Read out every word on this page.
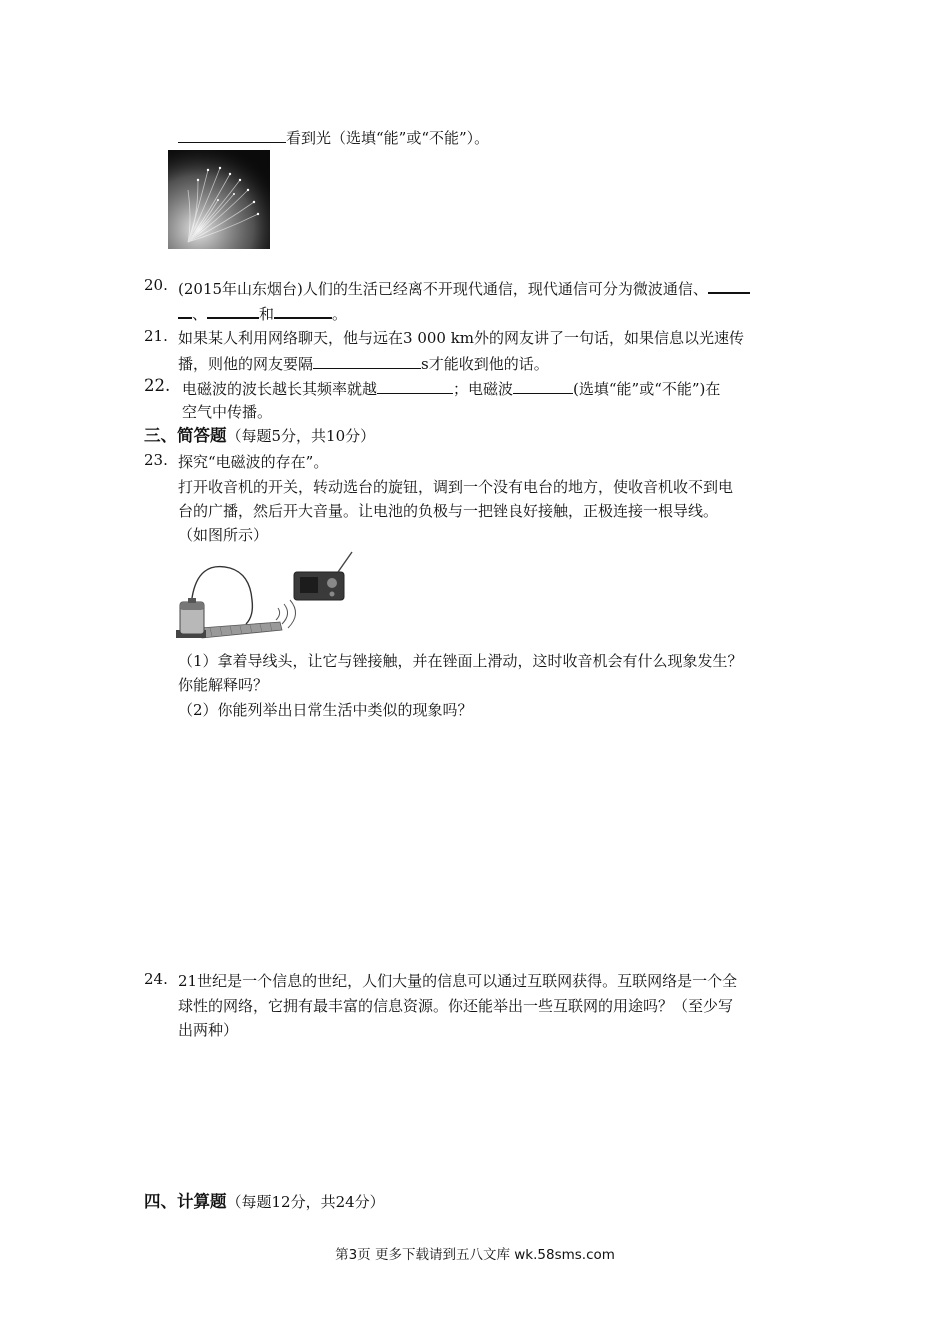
看到光（选填“能”或“不能”）。
20. (2015年山东烟台)人们的生活已经离不开现代通信，现代通信可分为微波通信、
、	和	。
21. 如果某人利用网络聊天，他与远在3 000 km外的网友讲了一句话，如果信息以光速传
播，则他的网友要隔	s才能收到他的话。
22. 电磁波的波长越长其频率就越	；电磁波	(选填“能”或“不能”)在
空气中传播。
三、简答题（每题5分，共10分）
23. 探究“电磁波的存在”。
打开收音机的开关，转动选台的旋钮，调到一个没有电台的地方，使收音机收不到电
台的广播，然后开大音量。让电池的负极与一把锉良好接触，正极连接一根导线。
（如图所示）
（1）拿着导线头，让它与锉接触，并在锉面上滑动，这时收音机会有什么现象发生？
你能解释吗？
（2）你能列举出日常生活中类似的现象吗？
24. 21世纪是一个信息的世纪，人们大量的信息可以通过互联网获得。互联网络是一个全
球性的网络，它拥有最丰富的信息资源。你还能举出一些互联网的用途吗？（至少写
出两种）
四、计算题（每题12分，共24分）
第3页 更多下载请到五八文库 wk.58sms.com
